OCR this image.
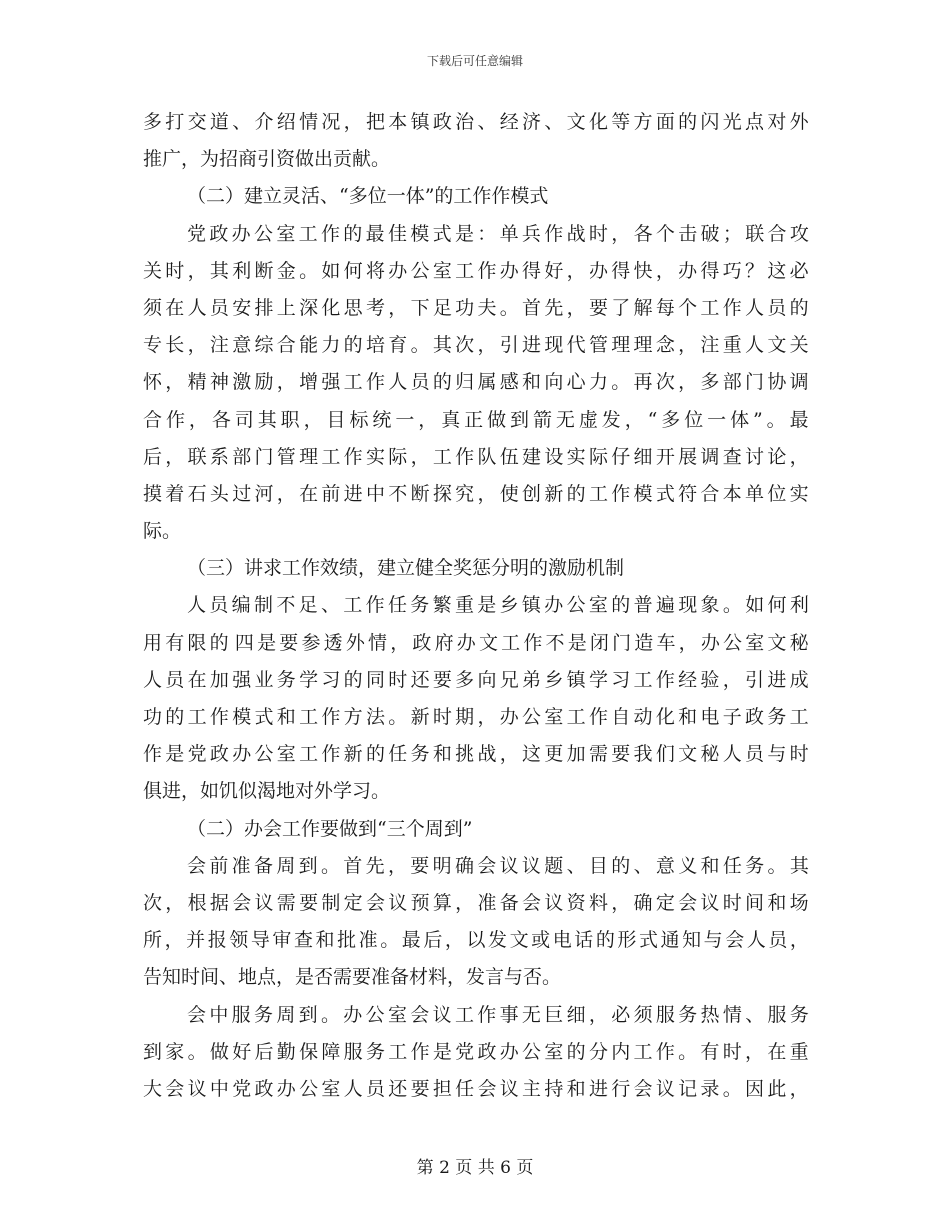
下载后可任意编辑
多 打 交 道 、 介 绍 情 况 ， 把 本 镇 政 治 、 经 济 、 文 化 等 方 面 的 闪 光 点 对 外
推广，为招商引资做出贡献。
（二）建立灵活、“多位一体”的工作作模式
党 政 办 公 室 工 作 的 最 佳 模 式 是 ： 单 兵 作 战 时 ， 各 个 击 破 ； 联 合 攻
关 时 ， 其 利 断 金 。 如 何 将 办 公 室 工 作 办 得 好 ， 办 得 快 ， 办 得 巧 ？ 这 必
须 在 人 员 安 排 上 深 化 思 考 ， 下 足 功 夫 。 首 先 ， 要 了 解 每 个 工 作 人 员 的
专 长 ， 注 意 综 合 能 力 的 培 育 。 其 次 ， 引 进 现 代 管 理 理 念 ， 注 重 人 文 关
怀 ， 精 神 激 励 ， 增 强 工 作 人 员 的 归 属 感 和 向 心 力 。 再 次 ， 多 部 门 协 调
合 作 ， 各 司 其 职 ， 目 标 统 一 ， 真 正 做 到 箭 无 虚 发 ， “ 多 位 一 体 ” 。 最
后 ， 联 系 部 门 管 理 工 作 实 际 ， 工 作 队 伍 建 设 实 际 仔 细 开 展 调 查 讨 论 ，
摸 着 石 头 过 河 ， 在 前 进 中 不 断 探 究 ， 使 创 新 的 工 作 模 式 符 合 本 单 位 实
际。
（三）讲求工作效绩，建立健全奖惩分明的激励机制
人 员 编 制 不 足 、 工 作 任 务 繁 重 是 乡 镇 办 公 室 的 普 遍 现 象 。 如 何 利
用 有 限 的 四 是 要 参 透 外 情 ， 政 府 办 文 工 作 不 是 闭 门 造 车 ， 办 公 室 文 秘
人 员 在 加 强 业 务 学 习 的 同 时 还 要 多 向 兄 弟 乡 镇 学 习 工 作 经 验 ， 引 进 成
功 的 工 作 模 式 和 工 作 方 法 。 新 时 期 ， 办 公 室 工 作 自 动 化 和 电 子 政 务 工
作 是 党 政 办 公 室 工 作 新 的 任 务 和 挑 战 ， 这 更 加 需 要 我 们 文 秘 人 员 与 时
俱进，如饥似渴地对外学习。
（二）办会工作要做到“三个周到”
会 前 准 备 周 到 。 首 先 ， 要 明 确 会 议 议 题 、 目 的 、 意 义 和 任 务 。 其
次 ， 根 据 会 议 需 要 制 定 会 议 预 算 ， 准 备 会 议 资 料 ， 确 定 会 议 时 间 和 场
所 ， 并 报 领 导 审 查 和 批 准 。 最 后 ， 以 发 文 或 电 话 的 形 式 通 知 与 会 人 员 ，
告知时间、地点，是否需要准备材料，发言与否。
会 中 服 务 周 到 。 办 公 室 会 议 工 作 事 无 巨 细 ， 必 须 服 务 热 情 、 服 务
到 家 。 做 好 后 勤 保 障 服 务 工 作 是 党 政 办 公 室 的 分 内 工 作 。 有 时 ， 在 重
大 会 议 中 党 政 办 公 室 人 员 还 要 担 任 会 议 主 持 和 进 行 会 议 记 录 。 因 此 ，
第 2 页 共 6 页
